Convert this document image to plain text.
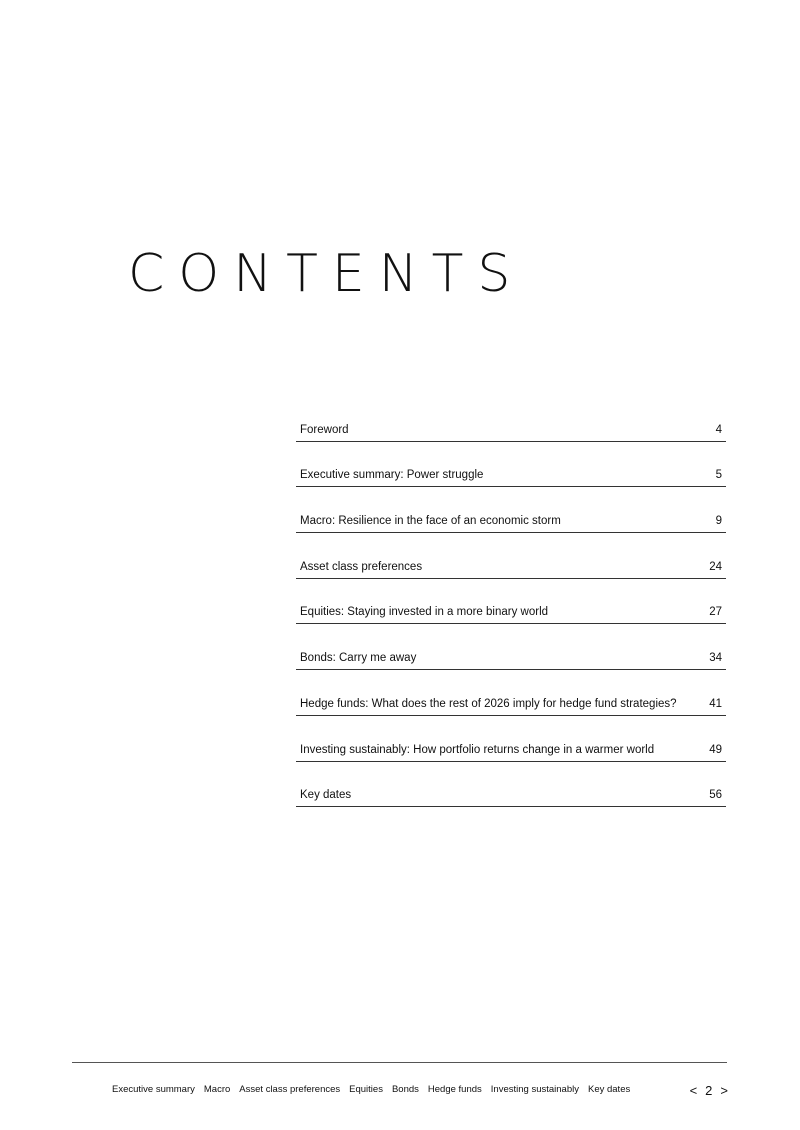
CONTENTS
Foreword	4
Executive summary: Power struggle	5
Macro: Resilience in the face of an economic storm	9
Asset class preferences	24
Equities: Staying invested in a more binary world	27
Bonds: Carry me away	34
Hedge funds: What does the rest of 2026 imply for hedge fund strategies?	41
Investing sustainably: How portfolio returns change in a warmer world	49
Key dates	56
Executive summary Macro Asset class preferences Equities Bonds Hedge funds Investing sustainably Key dates	< 2 >
